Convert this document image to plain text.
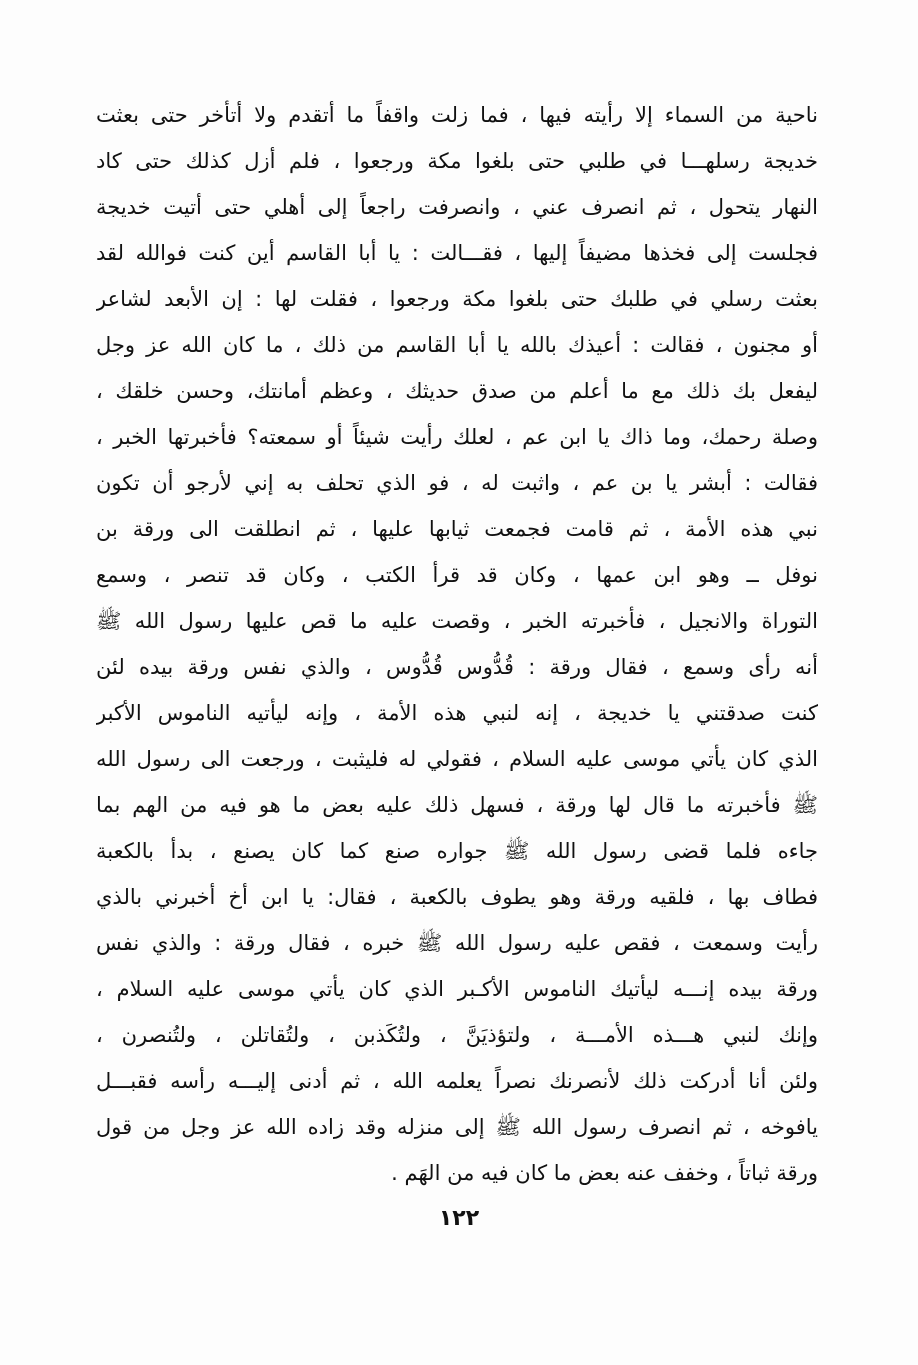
ناحية من السماء إلا رأيته فيها ، فما زلت واقفاً ما أتقدم ولا أتأخر حتى بعثت
خديجة رسلهـــا في طلبي حتى بلغوا مكة ورجعوا ، فلم أزل كذلك حتى كاد
النهار يتحول ، ثم انصرف عني ، وانصرفت راجعاً إلى أهلي حتى أتيت خديجة
فجلست إلى فخذها مضيفاً إليها ، فقـــالت : يا أبا القاسم أين كنت فوالله لقد
بعثت رسلي في طلبك حتى بلغوا مكة ورجعوا ، فقلت لها : إن الأبعد لشاعر
أو مجنون ، فقالت : أعيذك بالله يا أبا القاسم من ذلك ، ما كان الله عز وجل
ليفعل بك ذلك مع ما أعلم من صدق حديثك ، وعظم أمانتك، وحسن خلقك ،
وصلة رحمك، وما ذاك يا ابن عم ، لعلك رأيت شيئاً أو سمعته؟ فأخبرتها الخبر ،
فقالت : أبشر يا بن عم ، واثبت له ، فو الذي تحلف به إني لأرجو أن تكون
نبي هذه الأمة ، ثم قامت فجمعت ثيابها عليها ، ثم انطلقت الى ورقة بن
نوفل ــ وهو ابن عمها ، وكان قد قرأ الكتب ، وكان قد تنصر ، وسمع
التوراة والانجيل ، فأخبرته الخبر ، وقصت عليه ما قص عليها رسول الله ﷺ
أنه رأى وسمع ، فقال ورقة : قُدُّوس قُدُّوس ، والذي نفس ورقة بيده لئن
كنت صدقتني يا خديجة ، إنه لنبي هذه الأمة ، وإنه ليأتيه الناموس الأكبر
الذي كان يأتي موسى عليه السلام ، فقولي له فليثبت ، ورجعت الى رسول الله
ﷺ فأخبرته ما قال لها ورقة ، فسهل ذلك عليه بعض ما هو فيه من الهم بما
جاءه فلما قضى رسول الله ﷺ جواره صنع كما كان يصنع ، بدأ بالكعبة
فطاف بها ، فلقيه ورقة وهو يطوف بالكعبة ، فقال: يا ابن أخ أخبرني بالذي
رأيت وسمعت ، فقص عليه رسول الله ﷺ خبره ، فقال ورقة : والذي نفس
ورقة بيده إنـــه ليأتيك الناموس الأكـبر الذي كان يأتي موسى عليه السلام ،
وإنك لنبي هـــذه الأمـــة ، ولتؤذيَنَّ ، ولتُكَذبن ، ولتُقاتلن ، ولتُنصرن ،
ولئن أنا أدركت ذلك لأنصرنك نصراً يعلمه الله ، ثم أدنى إليـــه رأسه فقبـــل
يافوخه ، ثم انصرف رسول الله ﷺ إلى منزله وقد زاده الله عز وجل من قول
ورقة ثباتاً ، وخفف عنه بعض ما كان فيه من الهَم .
١٢٢
